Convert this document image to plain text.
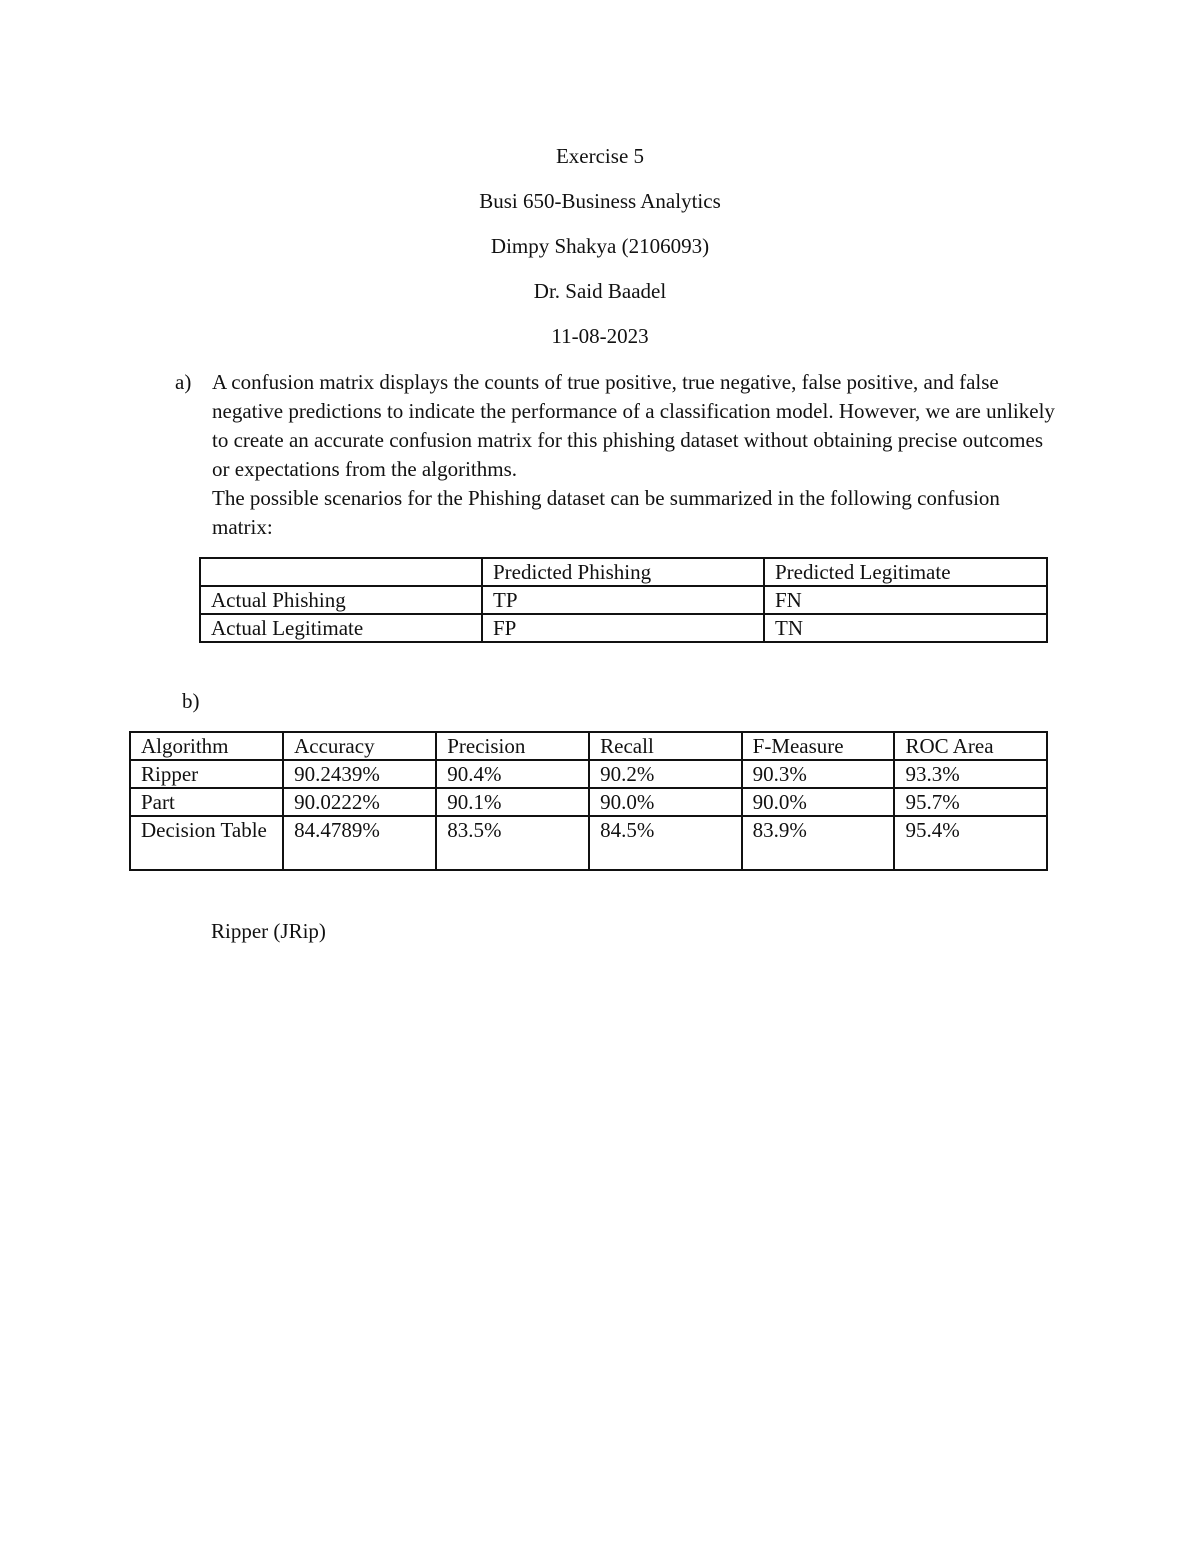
Exercise 5
Busi 650-Business Analytics
Dimpy Shakya (2106093)
Dr. Said Baadel
11-08-2023
a) A confusion matrix displays the counts of true positive, true negative, false positive, and false negative predictions to indicate the performance of a classification model. However, we are unlikely to create an accurate confusion matrix for this phishing dataset without obtaining precise outcomes or expectations from the algorithms.

The possible scenarios for the Phishing dataset can be summarized in the following confusion matrix:

	Predicted Phishing	Predicted Legitimate
Actual Phishing	TP	FN
Actual Legitimate	FP	TN
b)
Algorithm	Accuracy	Precision	Recall	F-Measure	ROC Area
Ripper	90.2439%	90.4%	90.2%	90.3%	93.3%
Part	90.0222%	90.1%	90.0%	90.0%	95.7%
Decision Table	84.4789%	83.5%	84.5%	83.9%	95.4%
Ripper (JRip)
